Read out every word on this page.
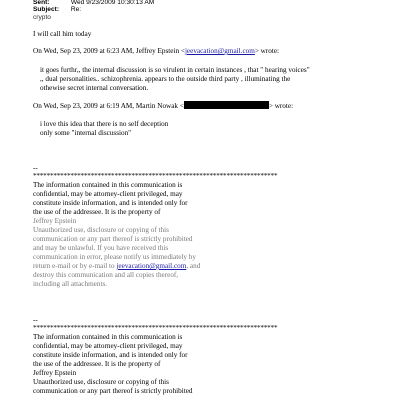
Sent:	Wed 9/23/2009 10:30:13 AM
Subject: Re:
crypto
I will call him today
On Wed, Sep 23, 2009 at 6:23 AM, Jeffrey Epstein <jeevacation@gmail.com> wrote:
it goes furthr,, the internal discussion is so virulent in certain instances , that " hearing voices"
,, dual personalities.. schizophrenia. appears to the outside third party , illuminating the
othewise secret internal conversation.
On Wed, Sep 23, 2009 at 6:19 AM, Martin Nowak <	> wrote:
i love this idea that there is no self deception
only some "internal discussion"
--
************************************************************************
The information contained in this communication is
confidential, may be attorney-client privileged, may
constitute inside information, and is intended only for
the use of the addressee. It is the property of
Jeffrey Epstein
Unauthorized use, disclosure or copying of this
communication or any part thereof is strictly prohibited
and may be unlawful. If you have received this
communication in error, please notify us immediately by
return e-mail or by e-mail to jeevacation@gmail.com, and
destroy this communication and all copies thereof,
including all attachments.
--
************************************************************************
The information contained in this communication is
confidential, may be attorney-client privileged, may
constitute inside information, and is intended only for
the use of the addressee. It is the property of
Jeffrey Epstein
Unauthorized use, disclosure or copying of this
communication or any part thereof is strictly prohibited
